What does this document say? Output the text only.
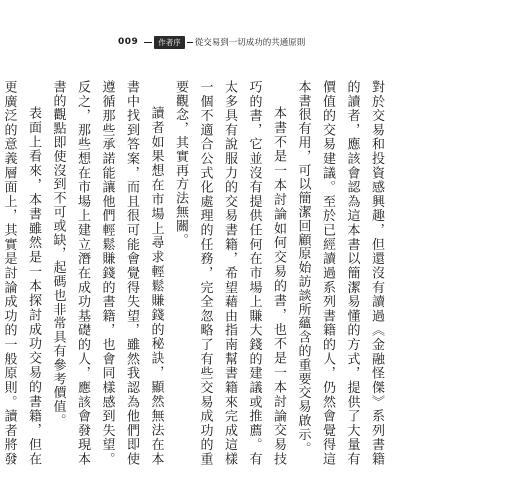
009	作者序	從交易到一切成功的共通原則

對於交易和投資感興趣，但還沒有讀過《金融怪傑》系列書籍的讀者，應該會認為這本書以簡潔易懂的方式，提供了大量有價值的交易建議。至於已經讀過系列書籍的人，仍然會覺得這本書很有用，可以簡潔回顧原始訪談所蘊含的重要交易啟示。

本書不是一本討論如何交易的書，也不是一本討論交易技巧的書，它並沒有提供任何在市場上賺大錢的建議或推薦。有太多具有說服力的交易書籍，希望藉由指南幫書籍來完成這樣一個不適合公式化處理的任務，完全忽略了有些交易成功的重要觀念，其實再方法無關。

讀者如果想在市場上尋求輕鬆賺錢的秘訣，顯然無法在本書中找到答案，而且很可能會覺得失望，雖然我認為他們即使遵循那些承諾能讓他們輕鬆賺錢的書籍，也會同樣感到失望。反之，那些想在市場上建立潛在成功基礎的人，應該會發現本書的觀點即使沒到不可或缺，起碼也非常具有參考價值。

表面上看來，本書雖然是一本探討成功交易的書籍，但在更廣泛的意義層面上，其實是討論成功的一般原則。讀者將發
